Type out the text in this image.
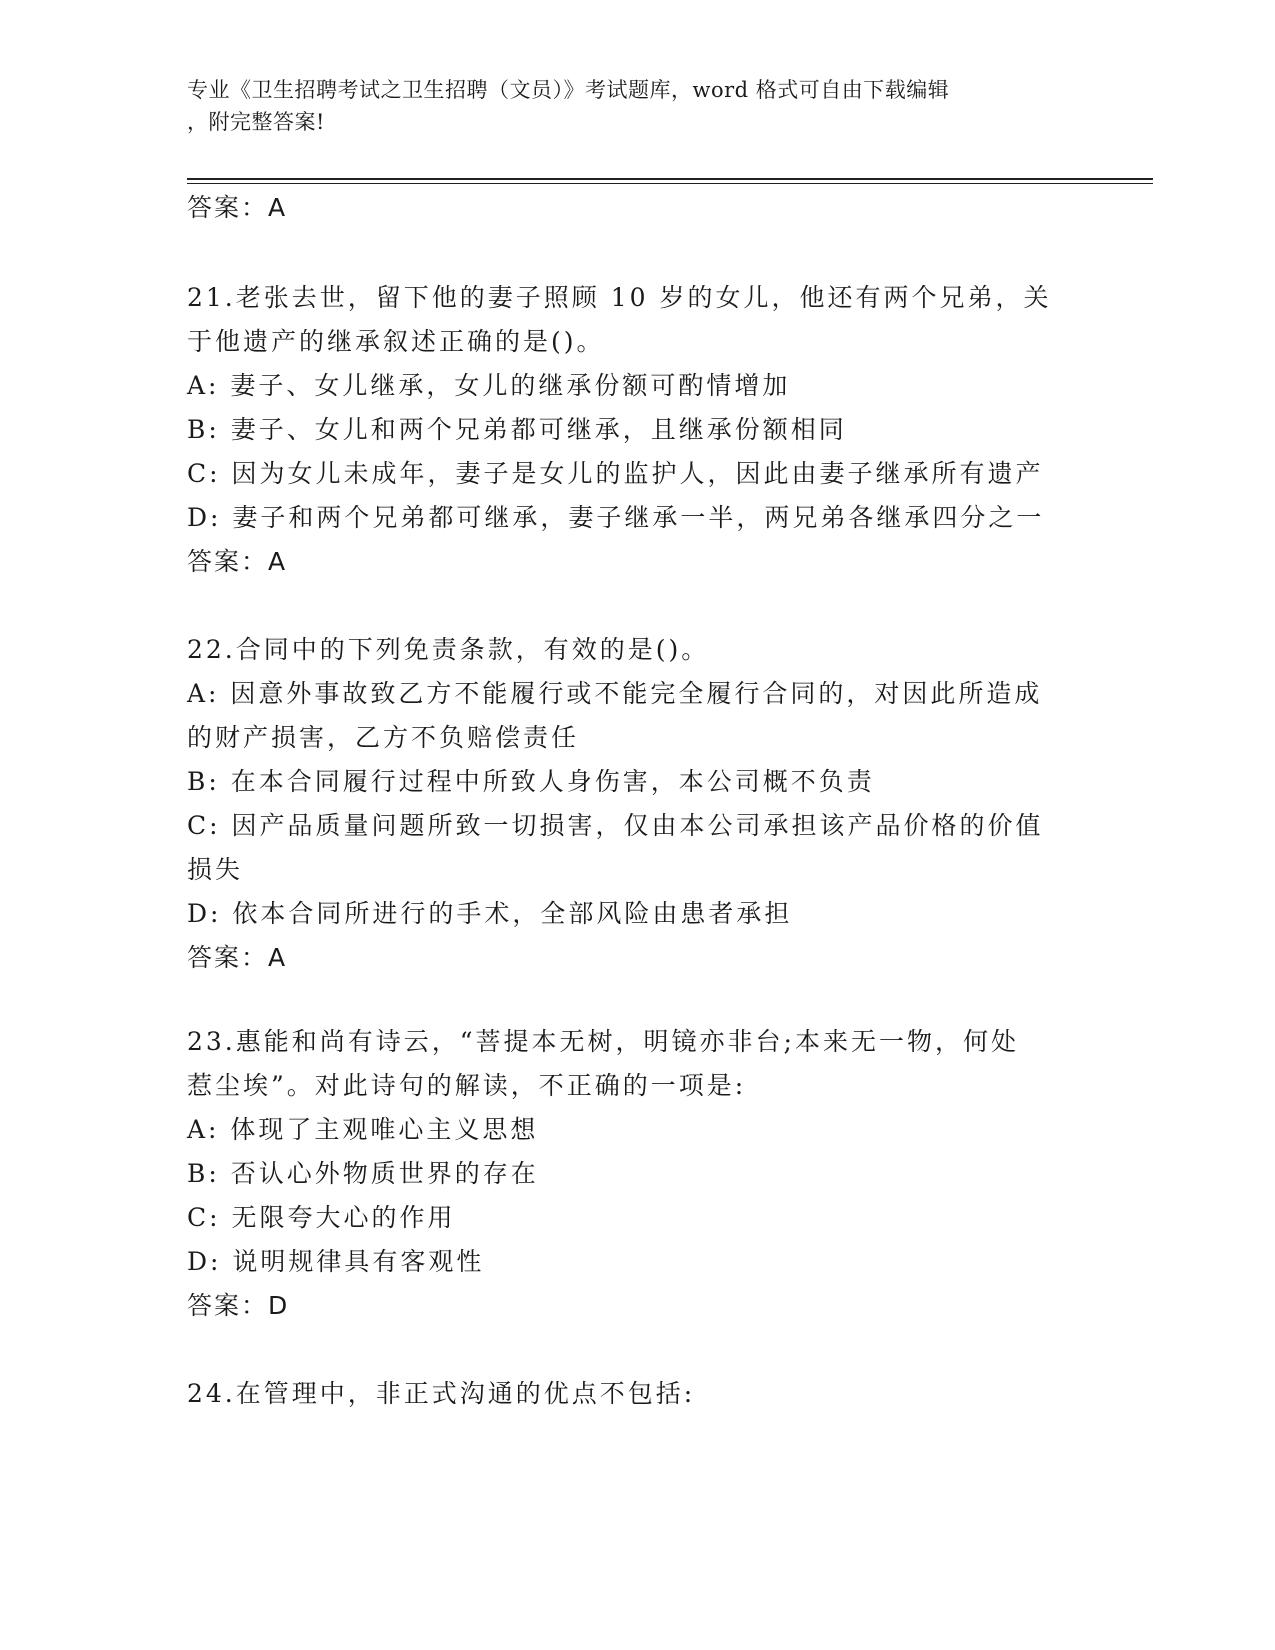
专业《卫生招聘考试之卫生招聘（文员）》考试题库，word 格式可自由下载编辑
，附完整答案!
答案：A
21.老张去世，留下他的妻子照顾 10 岁的女儿，他还有两个兄弟，关
于他遗产的继承叙述正确的是()。
A: 妻子、女儿继承，女儿的继承份额可酌情增加
B: 妻子、女儿和两个兄弟都可继承，且继承份额相同
C: 因为女儿未成年，妻子是女儿的监护人，因此由妻子继承所有遗产
D: 妻子和两个兄弟都可继承，妻子继承一半，两兄弟各继承四分之一
答案：A
22.合同中的下列免责条款，有效的是()。
A: 因意外事故致乙方不能履行或不能完全履行合同的，对因此所造成
的财产损害，乙方不负赔偿责任
B: 在本合同履行过程中所致人身伤害，本公司概不负责
C: 因产品质量问题所致一切损害，仅由本公司承担该产品价格的价值
损失
D: 依本合同所进行的手术，全部风险由患者承担
答案：A
23.惠能和尚有诗云，“菩提本无树，明镜亦非台;本来无一物，何处
惹尘埃”。对此诗句的解读，不正确的一项是:
A: 体现了主观唯心主义思想
B: 否认心外物质世界的存在
C: 无限夸大心的作用
D: 说明规律具有客观性
答案：D
24.在管理中，非正式沟通的优点不包括:
